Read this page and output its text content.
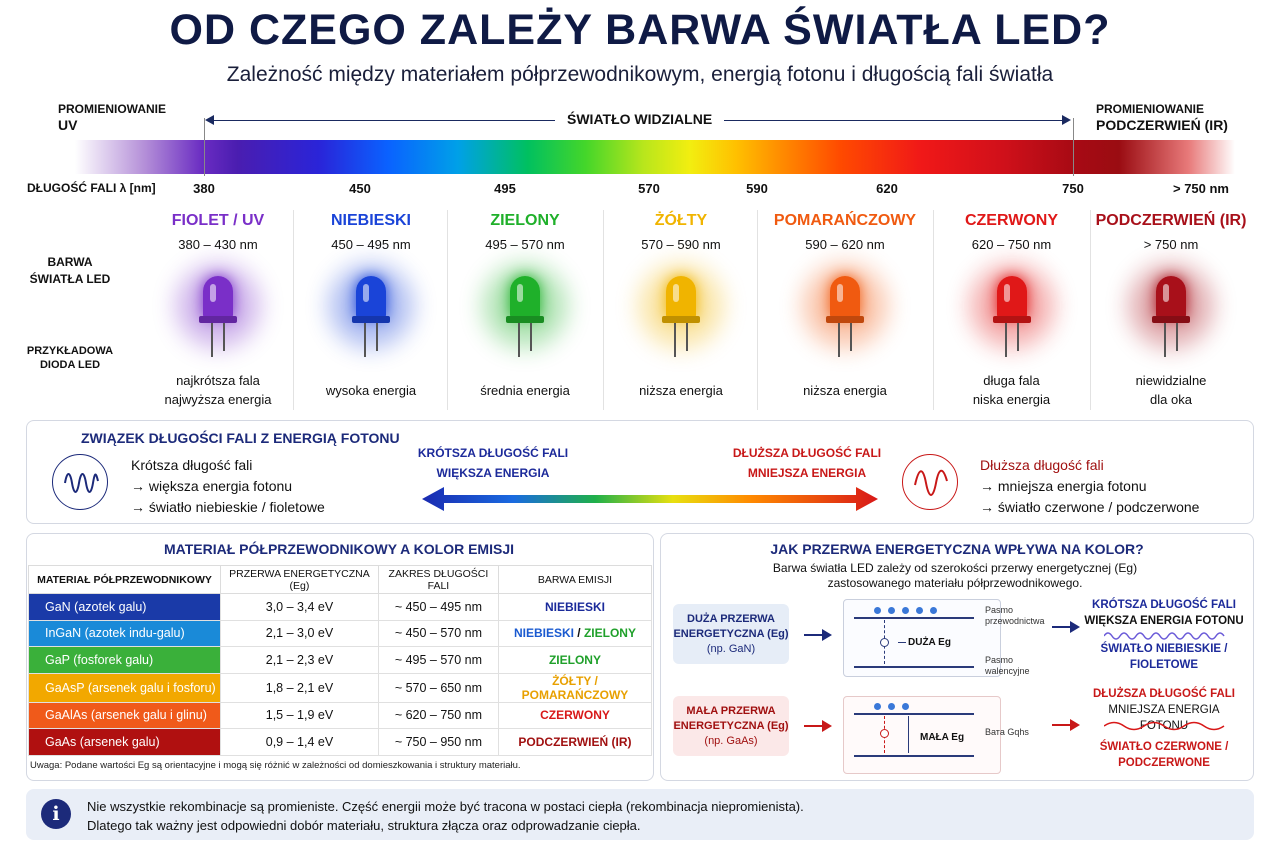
OD CZEGO ZALEŻY BARWA ŚWIATŁA LED?
Zależność między materiałem półprzewodnikowym, energią fotonu i długością fali światła
PROMIENIOWANIE
UV
PROMIENIOWANIE
PODCZERWIEŃ (IR)
ŚWIATŁO WIDZIALNE
DŁUGOŚĆ FALI λ [nm]	380	450	495	570	590	620	750	> 750 nm
BARWA
ŚWIATŁA LED
PRZYKŁADOWA
DIODA LED
FIOLET / UV
380 – 430 nm
najkrótsza fala
najwyższa energia
NIEBIESKI
450 – 495 nm
wysoka energia
ZIELONY
495 – 570 nm
średnia energia
ŻÓŁTY
570 – 590 nm
niższa energia
POMARAŃCZOWY
590 – 620 nm
niższa energia
CZERWONY
620 – 750 nm
długa fala
niska energia
PODCZERWIEŃ (IR)
> 750 nm
niewidzialne
dla oka
ZWIĄZEK DŁUGOŚCI FALI Z ENERGIĄ FOTONU
Krótsza długość fali
→ większa energia fotonu
→ światło niebieskie / fioletowe
KRÓTSZA DŁUGOŚĆ FALI
WIĘKSZA ENERGIA
DŁUŻSZA DŁUGOŚĆ FALI
MNIEJSZA ENERGIA	Dłuższa długość fali
→ mniejsza energia fotonu
→ światło czerwone / podczerwone
MATERIAŁ PÓŁPRZEWODNIKOWY A KOLOR EMISJI
MATERIAŁ PÓŁPRZEWODNIKOWY	PRZERWA ENERGETYCZNA (Eg)	ZAKRES DŁUGOŚCI FALI	BARWA EMISJI
GaN (azotek galu)	3,0 – 3,4 eV	~ 450 – 495 nm	NIEBIESKI
InGaN (azotek indu-galu)	2,1 – 3,0 eV	~ 450 – 570 nm	NIEBIESKI / ZIELONY
GaP (fosforek galu)	2,1 – 2,3 eV	~ 495 – 570 nm	ZIELONY
GaAsP (arsenek galu i fosforu)	1,8 – 2,1 eV	~ 570 – 650 nm	ŻÓŁTY / POMARAŃCZOWY
GaAlAs (arsenek galu i glinu)	1,5 – 1,9 eV	~ 620 – 750 nm	CZERWONY
GaAs (arsenek galu)	0,9 – 1,4 eV	~ 750 – 950 nm	PODCZERWIEŃ (IR)
Uwaga: Podane wartości Eg są orientacyjne i mogą się różnić w zależności od domieszkowania i struktury materiału.
JAK PRZERWA ENERGETYCZNA WPŁYWA NA KOLOR?
Barwa światła LED zależy od szerokości przerwy energetycznej (Eg)
zastosowanego materiału półprzewodnikowego.
DUŻA PRZERWA
ENERGETYCZNA (Eg)
(np. GaN)	DUŻA Eg
Pasmo
przewodnictwa
Pasmo
walencyjne
KRÓTSZA DŁUGOŚĆ FALI
WIĘKSZA ENERGIA FOTONU
ŚWIATŁO NIEBIESKIE /
FIOLETOWE
MAŁA PRZERWA
ENERGETYCZNA (Eg)
(np. GaAs)	MAŁA Eg Вата Gqhs
DŁUŻSZA DŁUGOŚĆ FALI
MNIEJSZA ENERGIA FOTONU
ŚWIATŁO CZERWONE /
PODCZERWONE
i	Nie wszystkie rekombinacje są promieniste. Część energii może być tracona w postaci ciepła (rekombinacja niepromienista).
Dlatego tak ważny jest odpowiedni dobór materiału, struktura złącza oraz odprowadzanie ciepła.
